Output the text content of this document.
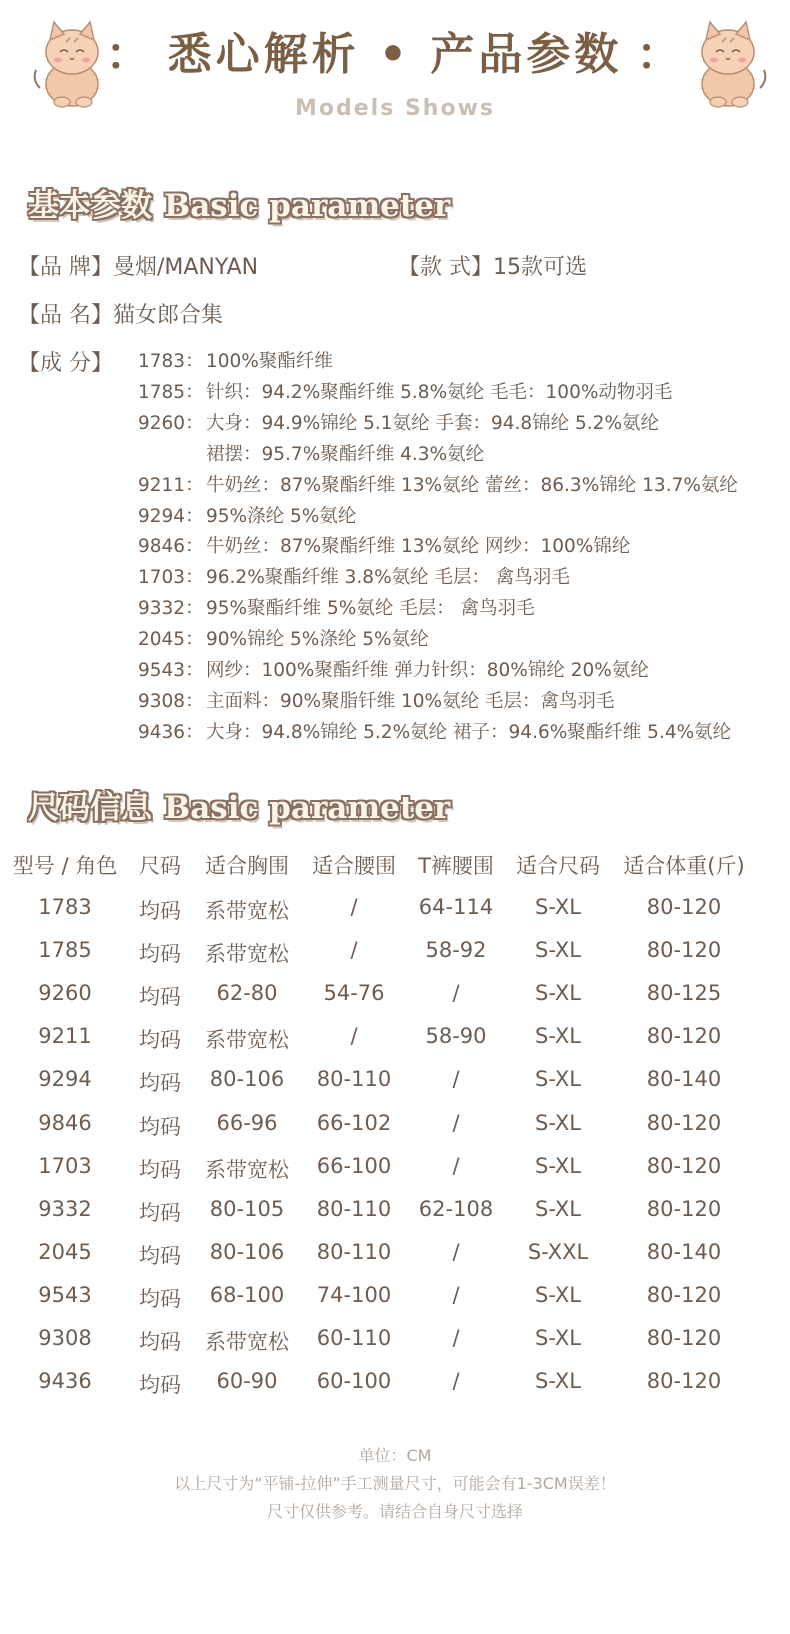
： 悉心解析 • 产品参数 ：
Models Shows
基本参数 Basic parameter
【品 牌】曼烟/MANYAN	【款 式】15款可选
【品 名】猫女郎合集
【成 分】 1783： 100%聚酯纤维
1785： 针织：94.2%聚酯纤维 5.8%氨纶 毛毛：100%动物羽毛
9260： 大身：94.9%锦纶 5.1氨纶 手套：94.8锦纶 5.2%氨纶
裙摆：95.7%聚酯纤维 4.3%氨纶
9211： 牛奶丝：87%聚酯纤维 13%氨纶 蕾丝：86.3%锦纶 13.7%氨纶
9294： 95%涤纶 5%氨纶
9846： 牛奶丝：87%聚酯纤维 13%氨纶 网纱：100%锦纶
1703： 96.2%聚酯纤维 3.8%氨纶 毛层： 禽鸟羽毛
9332： 95%聚酯纤维 5%氨纶 毛层： 禽鸟羽毛
2045： 90%锦纶 5%涤纶 5%氨纶
9543： 网纱：100%聚酯纤维 弹力针织：80%锦纶 20%氨纶
9308： 主面料：90%聚脂钎维 10%氨纶 毛层：禽鸟羽毛
9436： 大身：94.8%锦纶 5.2%氨纶 裙子：94.6%聚酯纤维 5.4%氨纶
尺码信息 Basic parameter
型号 / 角色	尺码	适合胸围	适合腰围	T裤腰围	适合尺码	适合体重(斤)
1783	均码	系带宽松	/	64-114	S-XL	80-120
1785	均码	系带宽松	/	58-92	S-XL	80-120
9260	均码	62-80	54-76	/	S-XL	80-125
9211	均码	系带宽松	/	58-90	S-XL	80-120
9294	均码	80-106	80-110	/	S-XL	80-140
9846	均码	66-96	66-102	/	S-XL	80-120
1703	均码	系带宽松	66-100	/	S-XL	80-120
9332	均码	80-105	80-110	62-108	S-XL	80-120
2045	均码	80-106	80-110	/	S-XXL	80-140
9543	均码	68-100	74-100	/	S-XL	80-120
9308	均码	系带宽松	60-110	/	S-XL	80-120
9436	均码	60-90	60-100	/	S-XL	80-120
单位：CM
以上尺寸为“平铺-拉伸”手工测量尺寸，可能会有1-3CM误差！
尺寸仅供参考。请结合自身尺寸选择
